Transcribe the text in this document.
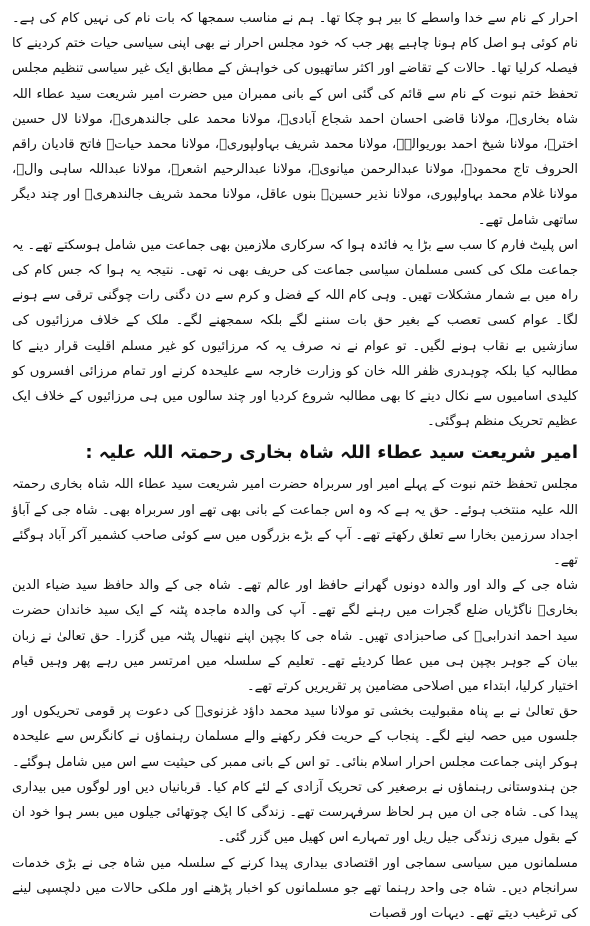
احرار کے نام سے خدا واسطے کا بیر ہو چکا تھا۔ ہم نے مناسب سمجھا کہ بات نام کی نہیں کام کی ہے۔ نام کوئی ہو اصل کام ہونا چاہیے پھر جب کہ خود مجلس احرار نے بھی اپنی سیاسی حیات ختم کردینے کا فیصلہ کرلیا تھا۔ حالات کے تقاضے اور اکثر ساتھیوں کی خواہش کے مطابق ایک غیر سیاسی تنظیم مجلس تحفظ ختم نبوت کے نام سے قائم کی گئی اس کے بانی ممبران میں حضرت امیر شریعت سید عطاء اللہ شاہ بخاریؒ، مولانا قاضی احسان احمد شجاع آبادیؒ، مولانا محمد علی جالندھریؒ، مولانا لال حسین اخترؒ، مولانا شیخ احمد بوریوالہؒ، مولانا محمد شریف بہاولپوریؒ، مولانا محمد حیاتؒ فاتح قادیان راقم الحروف تاج محمودؒ، مولانا عبدالرحمن میانویؒ، مولانا عبدالرحیم اشعرؒ، مولانا عبداللہ ساہی والؒ، مولانا غلام محمد بہاولپوری، مولانا نذیر حسینؒ بنوں عاقل، مولانا محمد شریف جالندھریؒ اور چند دیگر ساتھی شامل تھے۔

اس پلیٹ فارم کا سب سے بڑا یہ فائدہ ہوا کہ سرکاری ملازمین بھی جماعت میں شامل ہوسکتے تھے۔ یہ جماعت ملک کی کسی مسلمان سیاسی جماعت کی حریف بھی نہ تھی۔ نتیجہ یہ ہوا کہ جس کام کی راہ میں بے شمار مشکلات تھیں۔ وہی کام اللہ کے فضل و کرم سے دن دگنی رات چوگنی ترقی سے ہونے لگا۔ عوام کسی تعصب کے بغیر حق بات سننے لگے بلکہ سمجھنے لگے۔ ملک کے خلاف مرزائیوں کی سازشیں بے نقاب ہونے لگیں۔ تو عوام نے نہ صرف یہ کہ مرزائیوں کو غیر مسلم اقلیت قرار دینے کا مطالبہ کیا بلکہ چوہدری ظفر اللہ خان کو وزارت خارجہ سے علیحدہ کرنے اور تمام مرزائی افسروں کو کلیدی اسامیوں سے نکال دینے کا بھی مطالبہ شروع کردیا اور چند سالوں میں ہی مرزائیوں کے خلاف ایک عظیم تحریک منظم ہوگئی۔

امیر شریعت سید عطاء اللہ شاہ بخاری رحمتہ اللہ علیہ :

مجلس تحفظ ختم نبوت کے پہلے امیر اور سربراہ حضرت امیر شریعت سید عطاء اللہ شاہ بخاری رحمتہ اللہ علیہ منتخب ہوئے۔ حق یہ ہے کہ وہ اس جماعت کے بانی بھی تھے اور سربراہ بھی۔ شاہ جی کے آباؤ اجداد سرزمین بخارا سے تعلق رکھتے تھے۔ آپ کے بڑے بزرگوں میں سے کوئی صاحب کشمیر آکر آباد ہوگئے تھے۔

شاہ جی کے والد اور والدہ دونوں گھرانے حافظ اور عالم تھے۔ شاہ جی کے والد حافظ سید ضیاء الدین بخاریؒ ناگڑیاں ضلع گجرات میں رہنے لگے تھے۔ آپ کی والدہ ماجدہ پٹنہ کے ایک سید خاندان حضرت سید احمد اندرابیؒ کی صاحبزادی تھیں۔ شاہ جی کا بچپن اپنے ننھیال پٹنہ میں گزرا۔ حق تعالیٰ نے زبان بیان کے جوہر بچپن ہی میں عطا کردیئے تھے۔ تعلیم کے سلسلہ میں امرتسر میں رہے پھر وہیں قیام اختیار کرلیا، ابتداء میں اصلاحی مضامین پر تقریریں کرتے تھے۔

حق تعالیٰ نے بے پناہ مقبولیت بخشی تو مولانا سید محمد داؤد غزنویؒ کی دعوت پر قومی تحریکوں اور جلسوں میں حصہ لینے لگے۔ پنجاب کے حریت فکر رکھنے والے مسلمان رہنماؤں نے کانگرس سے علیحدہ ہوکر اپنی جماعت مجلس احرار اسلام بنائی۔ تو اس کے بانی ممبر کی حیثیت سے اس میں شامل ہوگئے۔ جن ہندوستانی رہنماؤں نے برصغیر کی تحریک آزادی کے لئے کام کیا۔ قربانیاں دیں اور لوگوں میں بیداری پیدا کی۔ شاہ جی ان میں ہر لحاظ سرفہرست تھے۔ زندگی کا ایک چوتھائی جیلوں میں بسر ہوا خود ان کے بقول میری زندگی جیل ریل اور تمہارے اس کھیل میں گزر گئی۔

مسلمانوں میں سیاسی سماجی اور اقتصادی بیداری پیدا کرنے کے سلسلہ میں شاہ جی نے بڑی خدمات سرانجام دیں۔ شاہ جی واحد رہنما تھے جو مسلمانوں کو اخبار پڑھنے اور ملکی حالات میں دلچسپی لینے کی ترغیب دیتے تھے۔ دیہات اور قصبات
